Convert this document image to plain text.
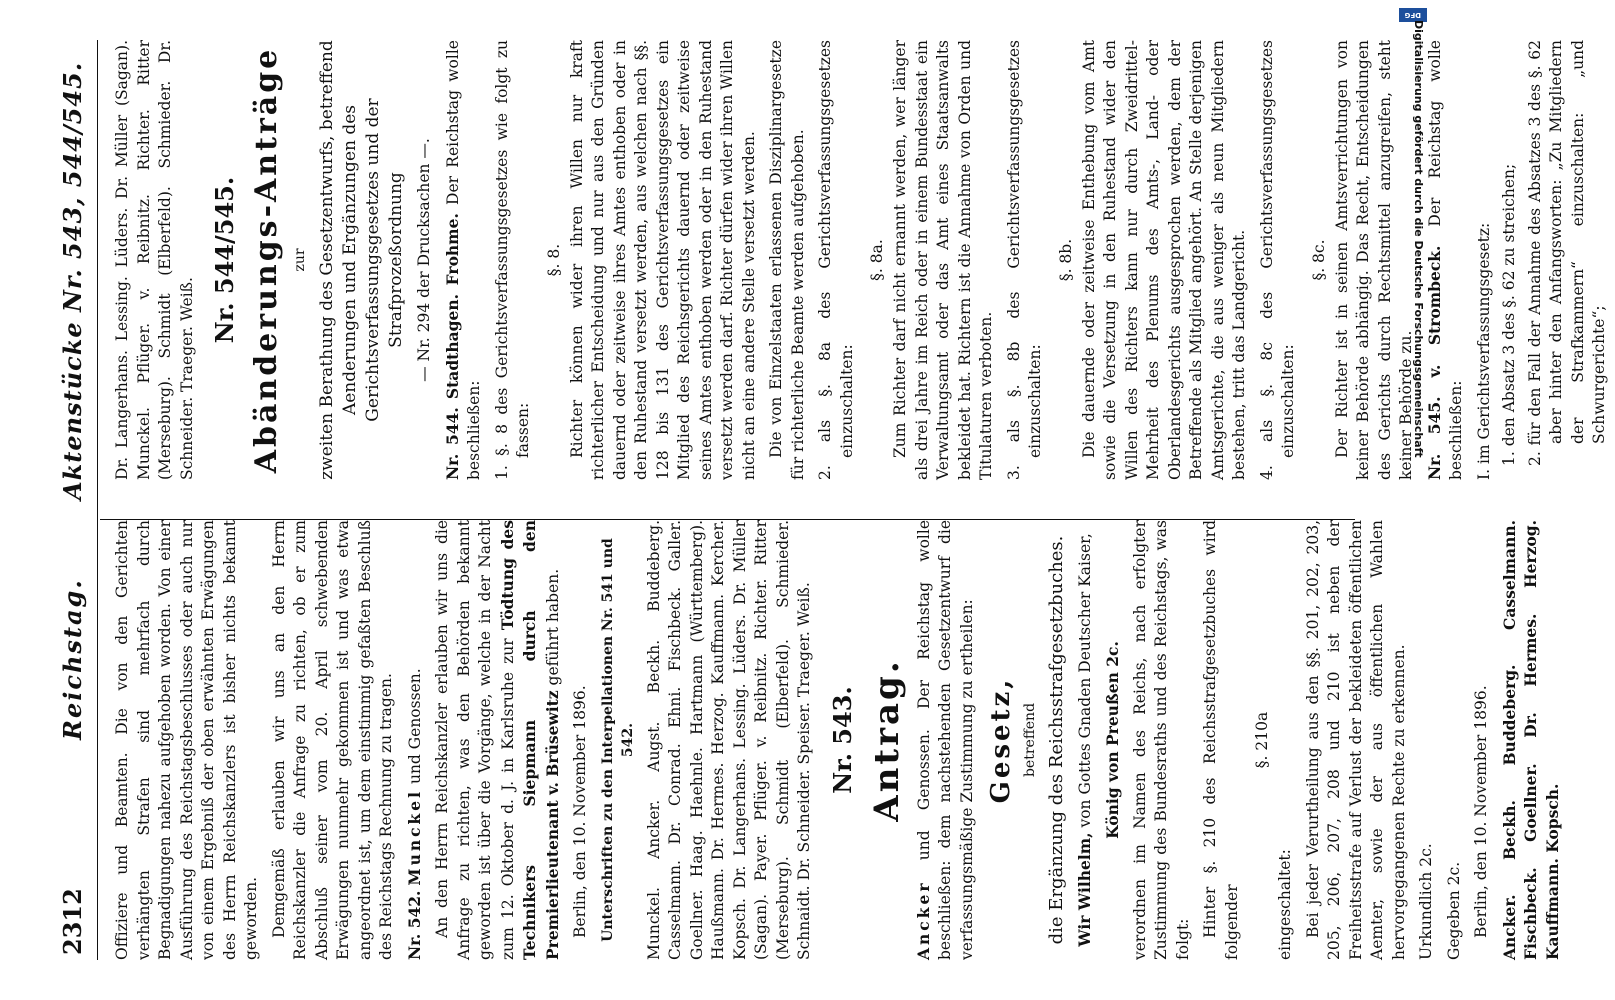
2312
Reichstag.
Aktenstücke Nr. 543, 544/545.

Offiziere und Beamten. Die von den Gerichten verhängten Strafen sind mehrfach durch Begnadigungen nahezu aufgehoben worden. Von einer Ausführung des Reichstagsbeschlusses oder auch nur von einem Ergebniß der oben erwähnten Erwägungen des Herrn Reichskanzlers ist bisher nichts bekannt geworden. Demgemäß erlauben wir uns an den Herrn Reichskanzler die Anfrage zu richten, ob er zum Abschluß seiner vom 20. April schwebenden Erwägungen nunmehr gekommen ist und was etwa angeordnet ist, um dem einstimmig gefaßten Beschluß des Reichstags Rechnung zu tragen. Nr. 542. Munckel und Genossen. An den Herrn Reichskanzler erlauben wir uns die Anfrage zu richten, was den Behörden bekannt geworden ist über die Vorgänge, welche in der Nacht zum 12. Oktober d. J. in Karlsruhe zur Tödtung des Technikers Siepmann durch den Premierlieutenant v. Brüsewitz geführt haben.

Berlin, den 10. November 1896. Unterschriften zu den Interpellationen Nr. 541 und 542. Munckel. Ancker. Augst. Beckh. Buddeberg. Casselmann. Dr. Conrad. Ehni. Fischbeck. Galler. Goellner. Haag. Haehnle. Hartmann (Württemberg). Haußmann. Dr. Hermes. Herzog. Kauffmann. Kercher. Kopsch. Dr. Langerhans. Lessing. Lüders. Dr. Müller (Sagan). Payer. Pflüger. v. Reibnitz. Richter. Ritter (Merseburg). Schmidt (Elberfeld). Schmieder. Schnaidt. Dr. Schneider. Speiser. Traeger. Weiß. Nr. 543. Antrag.

Ancker und Genossen. Der Reichstag wolle beschließen: dem nachstehenden Gesetzentwurf die verfassungsmäßige Zustimmung zu ertheilen: Gesetz, betreffend die Ergänzung des Reichsstrafgesetzbuches. Wir Wilhelm, von Gottes Gnaden Deutscher Kaiser, König von Preußen 2c. verordnen im Namen des Reichs, nach erfolgter Zustimmung des Bundesraths und des Reichstags, was folgt:

Hinter §. 210 des Reichsstrafgesetzbuches wird folgender

§. 210a

eingeschaltet: Bei jeder Verurtheilung aus den §§. 201, 202, 203, 205, 206, 207, 208 und 210 ist neben der Freiheitsstrafe auf Verlust der bekleideten öffentlichen Aemter, sowie der aus öffentlichen Wahlen hervorgegangenen Rechte zu erkennen. Urkundlich 2c. Gegeben 2c. Berlin, den 10. November 1896. Ancker. Beckh. Buddeberg. Casselmann. Fischbeck. Goellner. Dr. Hermes. Herzog. Kauffmann. Kopsch.

Dr. Langerhans. Lessing. Lüders. Dr. Müller (Sagan). Munckel. Pflüger. v. Reibnitz. Richter. Ritter (Merseburg). Schmidt (Elberfeld). Schmieder. Dr. Schneider. Traeger. Weiß.

Nr. 544/545. Abänderungs-Anträge zur zweiten Berathung des Gesetzentwurfs, betreffend Aenderungen und Ergänzungen des Gerichtsverfassungsgesetzes und der Strafprozeßordnung — Nr. 294 der Drucksachen —.

Nr. 544. Stadthagen. Frohme. Der Reichstag wolle beschließen: 1. §. 8 des Gerichtsverfassungsgesetzes wie folgt zu fassen:

§. 8. Richter können wider ihren Willen nur kraft richterlicher Entscheidung und nur aus den Gründen dauernd oder zeitweise ihres Amtes enthoben oder in den Ruhestand versetzt werden, aus welchen nach §§. 128 bis 131 des Gerichtsverfassungsgesetzes ein Mitglied des Reichsgerichts dauernd oder zeitweise seines Amtes enthoben werden oder in den Ruhestand versetzt werden darf. Richter dürfen wider ihren Willen nicht an eine andere Stelle versetzt werden. Die von Einzelstaaten erlassenen Disziplinargesetze für richterliche Beamte werden aufgehoben. 2. als §. 8a des Gerichtsverfassungsgesetzes einzuschalten:

§. 8a. Zum Richter darf nicht ernannt werden, wer länger als drei Jahre im Reich oder in einem Bundesstaat ein Verwaltungsamt oder das Amt eines Staatsanwalts bekleidet hat. Richtern ist die Annahme von Orden und Titulaturen verboten. 3. als §. 8b des Gerichtsverfassungsgesetzes einzuschalten:

§. 8b. Die dauernde oder zeitweise Enthebung vom Amt sowie die Versetzung in den Ruhestand wider den Willen des Richters kann nur durch Zweidrittel-Mehrheit des Plenums des Amts-, Land- oder Oberlandesgerichts ausgesprochen werden, dem der Betreffende als Mitglied angehört. An Stelle derjenigen Amtsgerichte, die aus weniger als neun Mitgliedern bestehen, tritt das Landgericht. 4. als §. 8c des Gerichtsverfassungsgesetzes einzuschalten:

§. 8c. Der Richter ist in seinen Amtsverrichtungen von keiner Behörde abhängig. Das Recht, Entscheidungen des Gerichts durch Rechtsmittel anzugreifen, steht keiner Behörde zu. Nr. 545. v. Strombeck. Der Reichstag wolle beschließen: I. im Gerichtsverfassungsgesetz: 1. den Absatz 3 des §. 62 zu streichen; 2. für den Fall der Annahme des Absatzes 3 des §. 62 aber hinter den Anfangsworten: „Zu Mitgliedern der Strafkammern“ einzuschalten: „und Schwurgerichte“;

DFG
Digitalisierung gefördert durch die Deutsche Forschungsgemeinschaft
